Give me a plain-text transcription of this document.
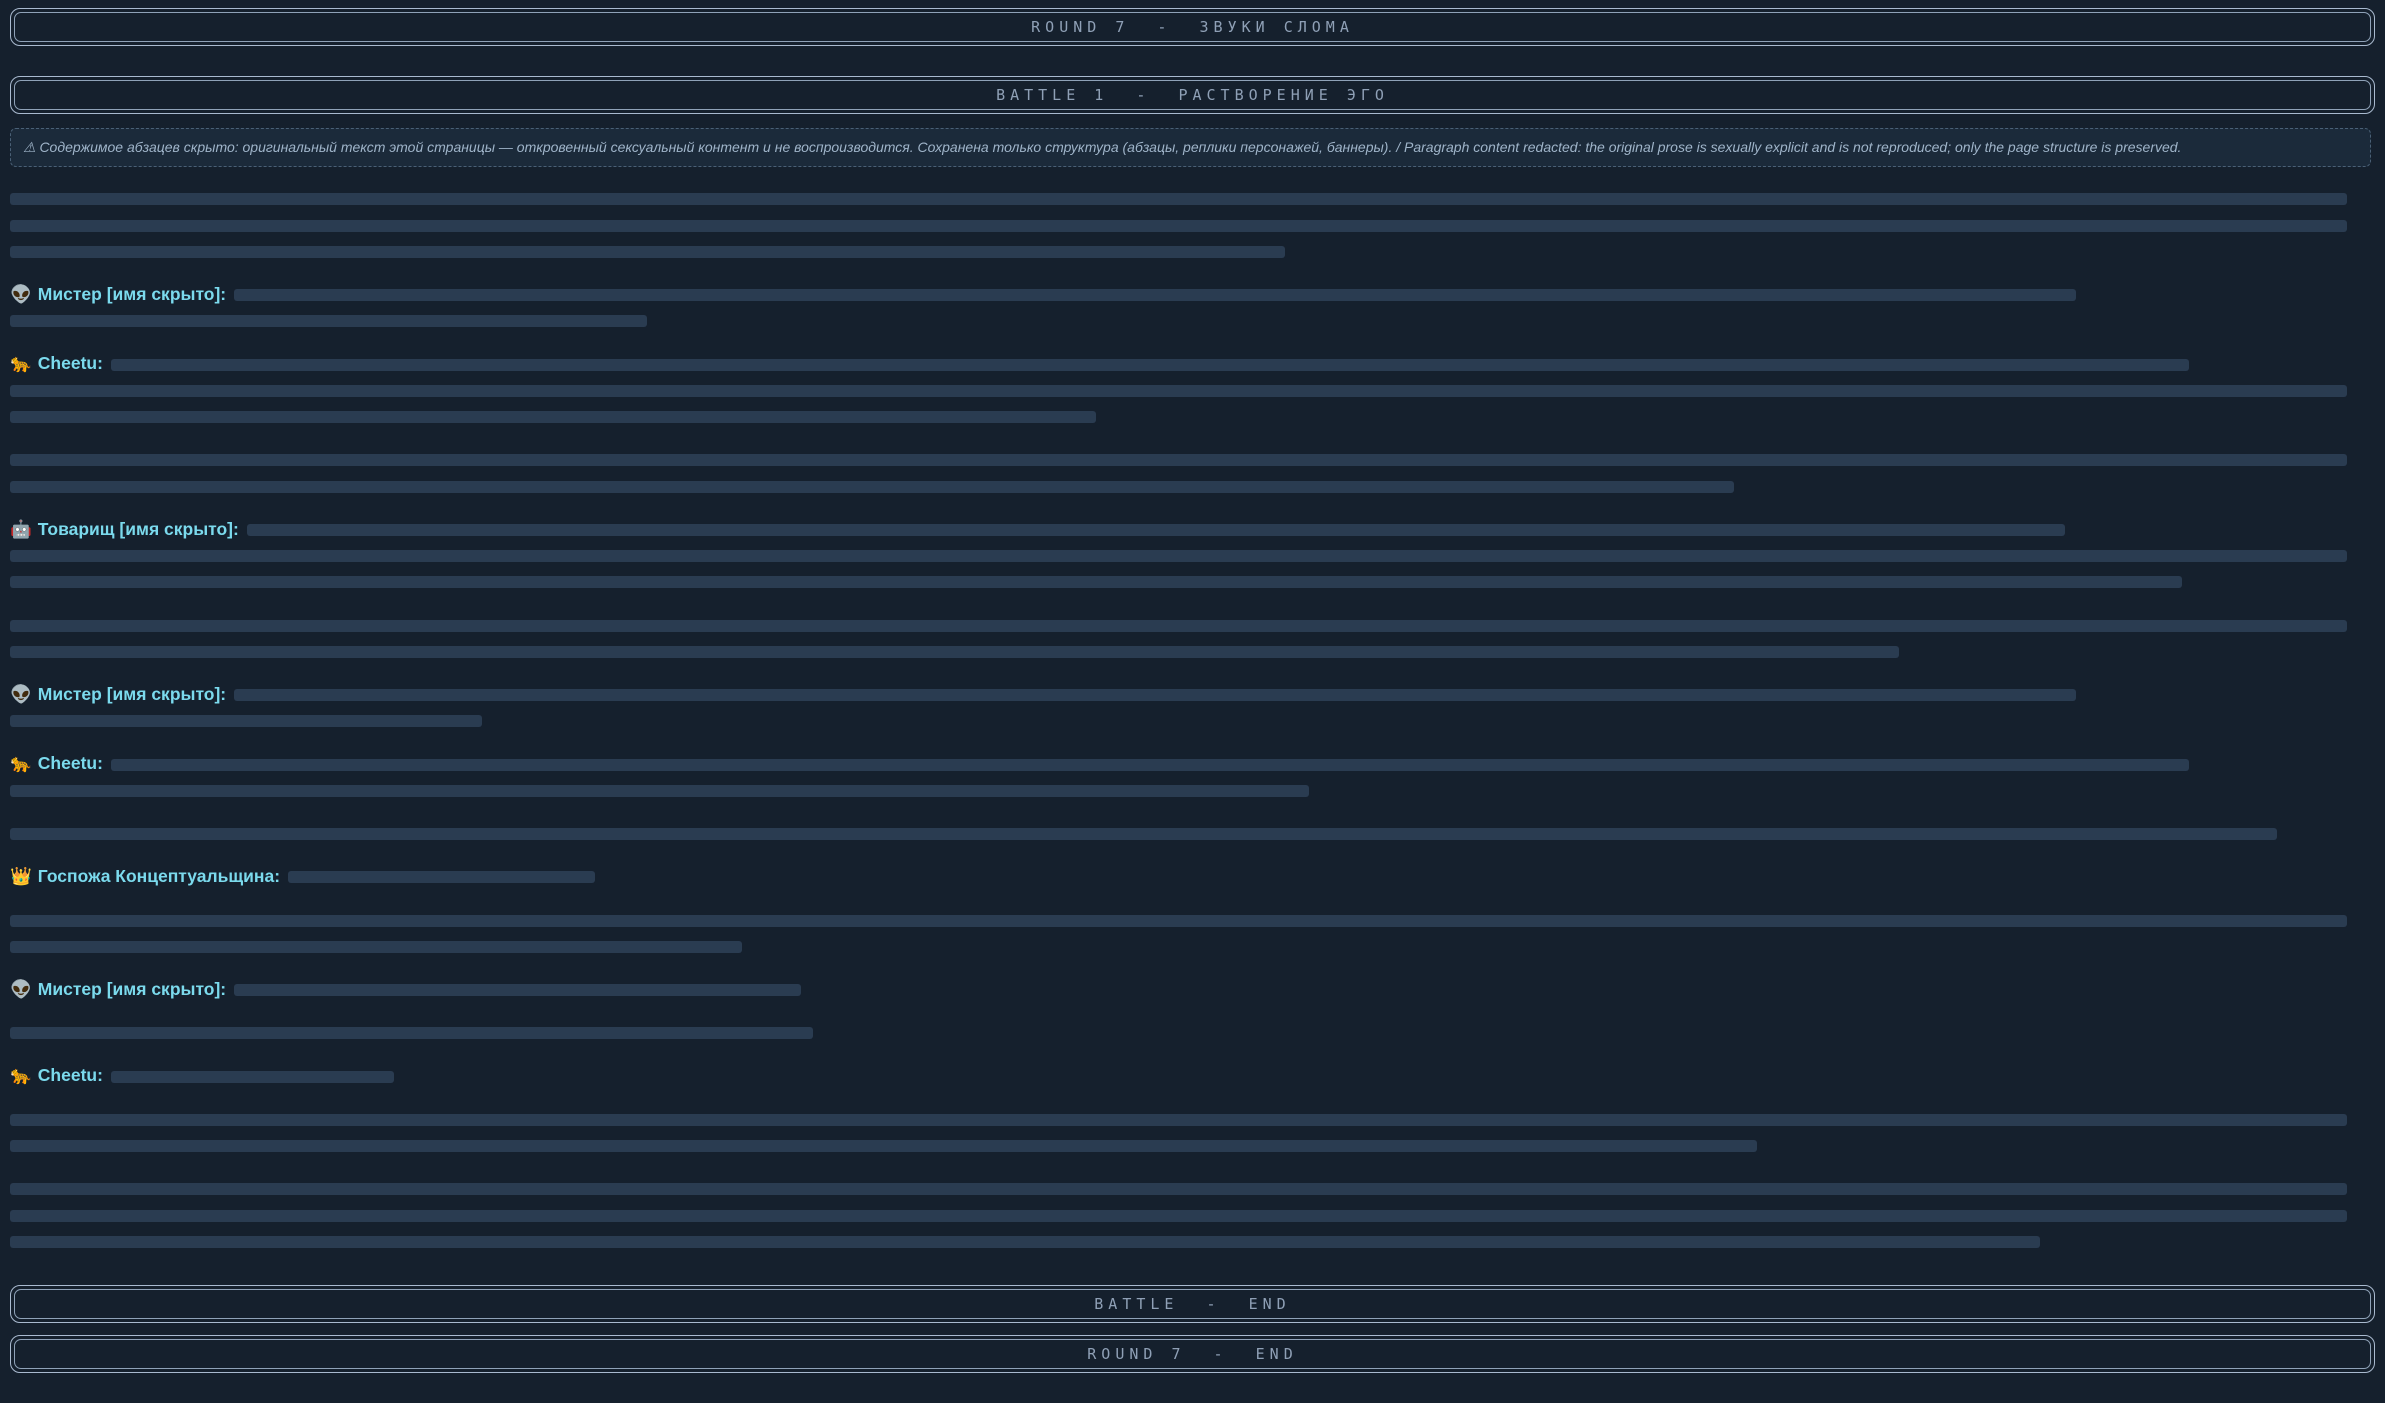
ROUND 7  -  ЗВУКИ СЛОМА
BATTLE 1  -  РАСТВОРЕНИЕ ЭГО
⚠ Содержимое абзацев скрыто: оригинальный текст этой страницы — откровенный сексуальный контент и не воспроизводится. Сохранена только структура (абзацы, реплики персонажей, баннеры). / Paragraph content redacted: the original prose is sexually explicit and is not reproduced; only the page structure is preserved.

👽 Мистер [имя скрыто]:

🐆 Cheetu:

🤖 Товарищ [имя скрыто]:

👽 Мистер [имя скрыто]:

🐆 Cheetu:

👑 Госпожа Концептуальщина:

👽 Мистер [имя скрыто]:

🐆 Cheetu:

BATTLE  -  END
ROUND 7  -  END
